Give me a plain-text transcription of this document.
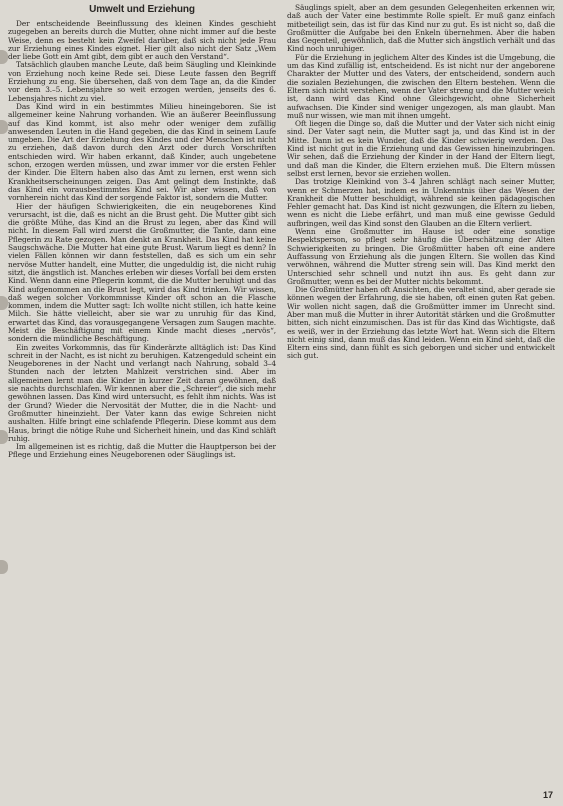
Umwelt und Erziehung

Der entscheidende Beeinflussung des kleinen Kindes geschieht zugegeben an bereits durch die Mutter, ohne nicht immer auf die beste Weise, denn es besteht kein Zweifel darüber, daß sich nicht jede Frau zur Erziehung eines Kindes eignet. Hier gilt also nicht der Satz „Wem der liebe Gott ein Amt gibt, dem gibt er auch den Verstand“.

Tatsächlich glauben manche Leute, daß beim Säugling und Kleinkinde von Erziehung noch keine Rede sei. Diese Leute fassen den Begriff Erziehung zu eng. Sie übersehen, daß von dem Tage an, da die Kinder vor dem 3.–5. Lebensjahre so weit erzogen werden, jenseits des 6. Lebensjahres nicht zu viel.

Das Kind wird in ein bestimmtes Milieu hineingeboren. Sie ist allgemeiner keine Nahrung vorhanden. Wie an äußerer Beeinflussung auf das Kind kommt, ist also mehr oder weniger dem zufällig anwesenden Leuten in die Hand gegeben, die das Kind in seinem Laufe umgeben. Die Art der Erziehung des Kindes und der Menschen ist nicht zu erziehen, daß davon durch den Arzt oder durch Vorschriften entschieden wird. Wir haben erkannt, daß Kinder, auch ungebetene schon, erzogen werden müssen, und zwar immer vor die ersten Fehler der Kinder. Die Eltern haben also das Amt zu lernen, erst wenn sich Krankheitserscheinungen zeigen. Das Amt gelingt dem Instinkte, daß das Kind ein vorausbestimmtes Kind sei. Wir aber wissen, daß von vornherein nicht das Kind der sorgende Faktor ist, sondern die Mutter.

Hier der häufigen Schwierigkeiten, die ein neugeborenes Kind verursacht, ist die, daß es nicht an die Brust geht. Die Mutter gibt sich die größte Mühe, das Kind an die Brust zu legen, aber das Kind will nicht. In diesem Fall wird zuerst die Großmutter, die Tante, dann eine Pflegerin zu Rate gezogen. Man denkt an Krankheit. Das Kind hat keine Saugschwäche. Die Mutter hat eine gute Brust. Warum liegt es denn? In vielen Fällen können wir dann feststellen, daß es sich um ein sehr nervöse Mutter handelt, eine Mutter, die ungeduldig ist, die nicht ruhig sitzt, die ängstlich ist. Manches erleben wir dieses Vorfall bei dem ersten Kind. Wenn dann eine Pflegerin kommt, die die Mutter beruhigt und das Kind aufgenommen an die Brust legt, wird das Kind trinken. Wir wissen, daß wegen solcher Vorkommnisse Kinder oft schon an die Flasche kommen, indem die Mutter sagt: Ich wollte nicht stillen, ich hatte keine Milch. Sie hätte vielleicht, aber sie war zu unruhig für das Kind, erwartet das Kind, das vorausgegangene Versagen zum Saugen machte. Meist die Beschäftigung mit einem Kinde macht dieses „nervös“, sondern die mündliche Beschäftigung.

Ein zweites Vorkommnis, das für Kinderärzte alltäglich ist: Das Kind schreit in der Nacht, es ist nicht zu beruhigen. Katzengeduld scheint ein Neugeborenes in der Nacht und verlangt nach Nahrung, sobald 3–4 Stunden nach der letzten Mahlzeit verstrichen sind. Aber im allgemeinen lernt man die Kinder in kurzer Zeit daran gewöhnen, daß sie nachts durchschlafen. Wir kennen aber die „Schreier“, die sich mehr gewöhnen lassen. Das Kind wird untersucht, es fehlt ihm nichts. Was ist der Grund? Wieder die Nervosität der Mutter, die in die Nacht- und Großmutter hineinzieht. Der Vater kann das ewige Schreien nicht aushalten. Hilfe bringt eine schlafende Pflegerin. Diese kommt aus dem Haus, bringt die nötige Ruhe und Sicherheit hinein, und das Kind schläft ruhig.

Im allgemeinen ist es richtig, daß die Mutter die Hauptperson bei der Pflege und Erziehung eines Neugeborenen oder Säuglings ist.

Säuglings spielt, aber an dem gesunden Gelegenheiten erkennen wir, daß auch der Vater eine bestimmte Rolle spielt. Er muß ganz einfach mitbeteiligt sein, das ist für das Kind nur zu gut. Es ist nicht so, daß die Großmütter die Aufgabe bei den Enkeln übernehmen. Aber die haben das Gegenteil, gewöhnlich, daß die Mutter sich ängstlich verhält und das Kind noch unruhiger.

Für die Erziehung in jeglichem Alter des Kindes ist die Umgebung, die um das Kind zufällig ist, entscheidend. Es ist nicht nur der angeborene Charakter der Mutter und des Vaters, der entscheidend, sondern auch die sozialen Beziehungen, die zwischen den Eltern bestehen. Wenn die Eltern sich nicht verstehen, wenn der Vater streng und die Mutter weich ist, dann wird das Kind ohne Gleichgewicht, ohne Sicherheit aufwachsen. Die Kinder sind weniger ungezogen, als man glaubt. Man muß nur wissen, wie man mit ihnen umgeht.

Oft liegen die Dinge so, daß die Mutter und der Vater sich nicht einig sind. Der Vater sagt nein, die Mutter sagt ja, und das Kind ist in der Mitte. Dann ist es kein Wunder, daß die Kinder schwierig werden. Das Kind ist nicht gut in die Erziehung und das Gewissen hineinzubringen. Wir sehen, daß die Erziehung der Kinder in der Hand der Eltern liegt, und daß man die Kinder, die Eltern erziehen muß. Die Eltern müssen selbst erst lernen, bevor sie erziehen wollen.

Das trotzige Kleinkind von 3–4 Jahren schlägt nach seiner Mutter, wenn er Schmerzen hat, indem es in Unkenntnis über das Wesen der Krankheit die Mutter beschuldigt, während sie keinen pädagogischen Fehler gemacht hat. Das Kind ist nicht gezwungen, die Eltern zu lieben, wenn es nicht die Liebe erfährt, und man muß eine gewisse Geduld aufbringen, weil das Kind sonst den Glauben an die Eltern verliert.

Wenn eine Großmutter im Hause ist oder eine sonstige Respektsperson, so pflegt sehr häufig die Überschätzung der Alten Schwierigkeiten zu bringen. Die Großmütter haben oft eine andere Auffassung von Erziehung als die jungen Eltern. Sie wollen das Kind verwöhnen, während die Mutter streng sein will. Das Kind merkt den Unterschied sehr schnell und nutzt ihn aus. Es geht dann zur Großmutter, wenn es bei der Mutter nichts bekommt.

Die Großmütter haben oft Ansichten, die veraltet sind, aber gerade sie können wegen der Erfahrung, die sie haben, oft einen guten Rat geben. Wir wollen nicht sagen, daß die Großmütter immer im Unrecht sind. Aber man muß die Mutter in ihrer Autorität stärken und die Großmutter bitten, sich nicht einzumischen. Das ist für das Kind das Wichtigste, daß es weiß, wer in der Erziehung das letzte Wort hat. Wenn sich die Eltern nicht einig sind, dann muß das Kind leiden. Wenn ein Kind sieht, daß die Eltern eins sind, dann fühlt es sich geborgen und sicher und entwickelt sich gut.

17
